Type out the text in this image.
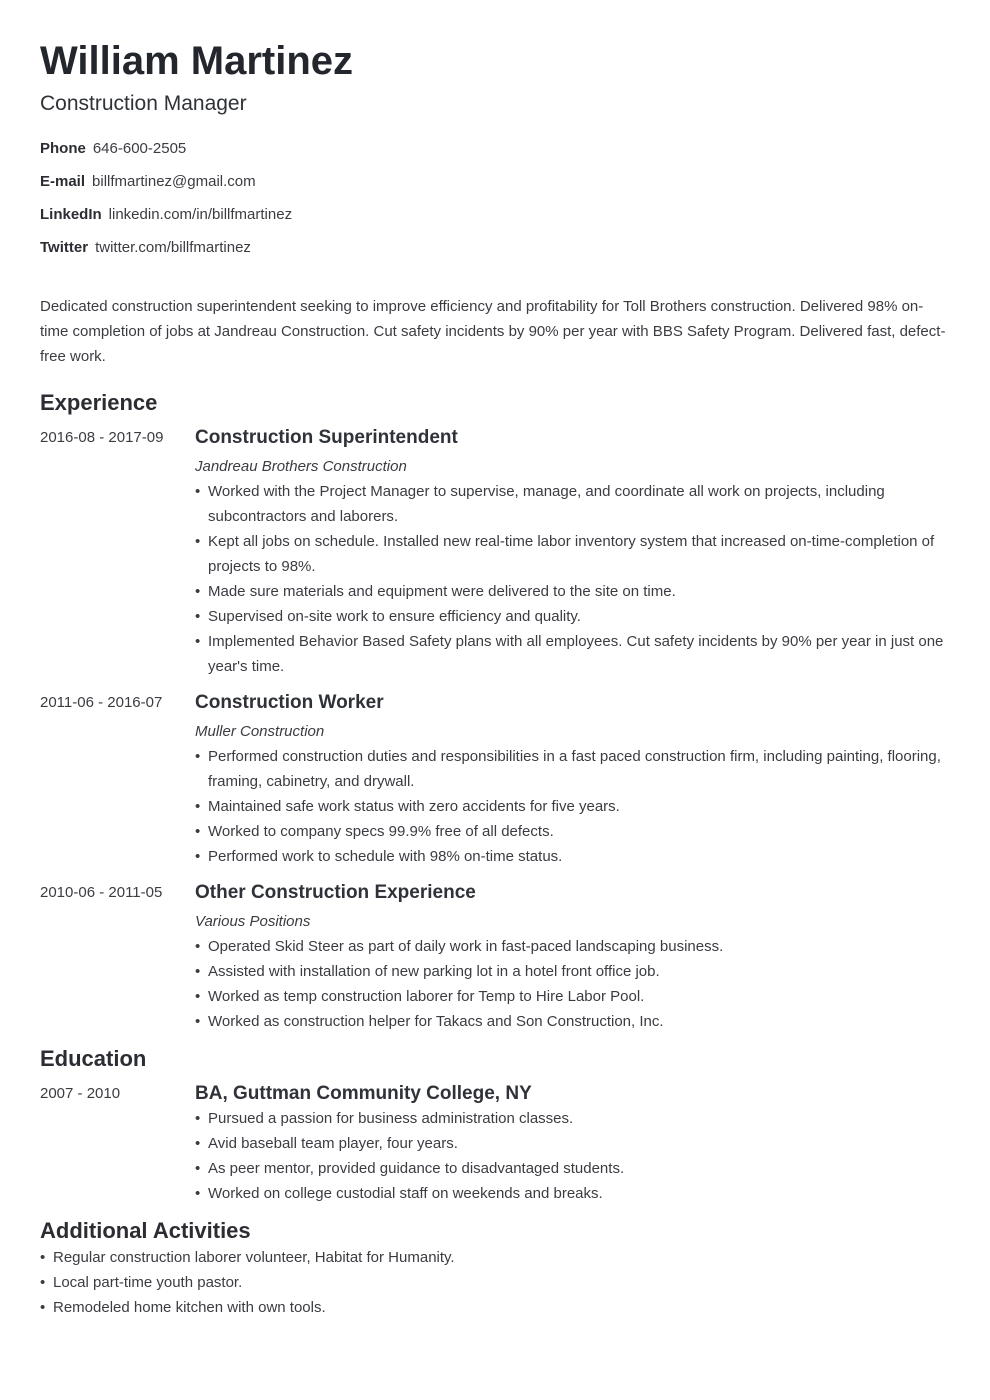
William Martinez
Construction Manager
Phone 646-600-2505
E-mail billfmartinez@gmail.com
LinkedIn linkedin.com/in/billfmartinez
Twitter twitter.com/billfmartinez
Dedicated construction superintendent seeking to improve efficiency and profitability for Toll Brothers construction. Delivered 98% on-time completion of jobs at Jandreau Construction. Cut safety incidents by 90% per year with BBS Safety Program. Delivered fast, defect-free work.
Experience
2016-08 - 2017-09	Construction Superintendent
Jandreau Brothers Construction
• Worked with the Project Manager to supervise, manage, and coordinate all work on projects, including subcontractors and laborers.
• Kept all jobs on schedule. Installed new real-time labor inventory system that increased on-time-completion of projects to 98%.
• Made sure materials and equipment were delivered to the site on time.
• Supervised on-site work to ensure efficiency and quality.
• Implemented Behavior Based Safety plans with all employees. Cut safety incidents by 90% per year in just one year's time.
2011-06 - 2016-07	Construction Worker
Muller Construction
• Performed construction duties and responsibilities in a fast paced construction firm, including painting, flooring, framing, cabinetry, and drywall.
• Maintained safe work status with zero accidents for five years.
• Worked to company specs 99.9% free of all defects.
• Performed work to schedule with 98% on-time status.
2010-06 - 2011-05	Other Construction Experience
Various Positions
• Operated Skid Steer as part of daily work in fast-paced landscaping business.
• Assisted with installation of new parking lot in a hotel front office job.
• Worked as temp construction laborer for Temp to Hire Labor Pool.
• Worked as construction helper for Takacs and Son Construction, Inc.
Education
2007 - 2010	BA, Guttman Community College, NY
• Pursued a passion for business administration classes.
• Avid baseball team player, four years.
• As peer mentor, provided guidance to disadvantaged students.
• Worked on college custodial staff on weekends and breaks.
Additional Activities
• Regular construction laborer volunteer, Habitat for Humanity.
• Local part-time youth pastor.
• Remodeled home kitchen with own tools.
